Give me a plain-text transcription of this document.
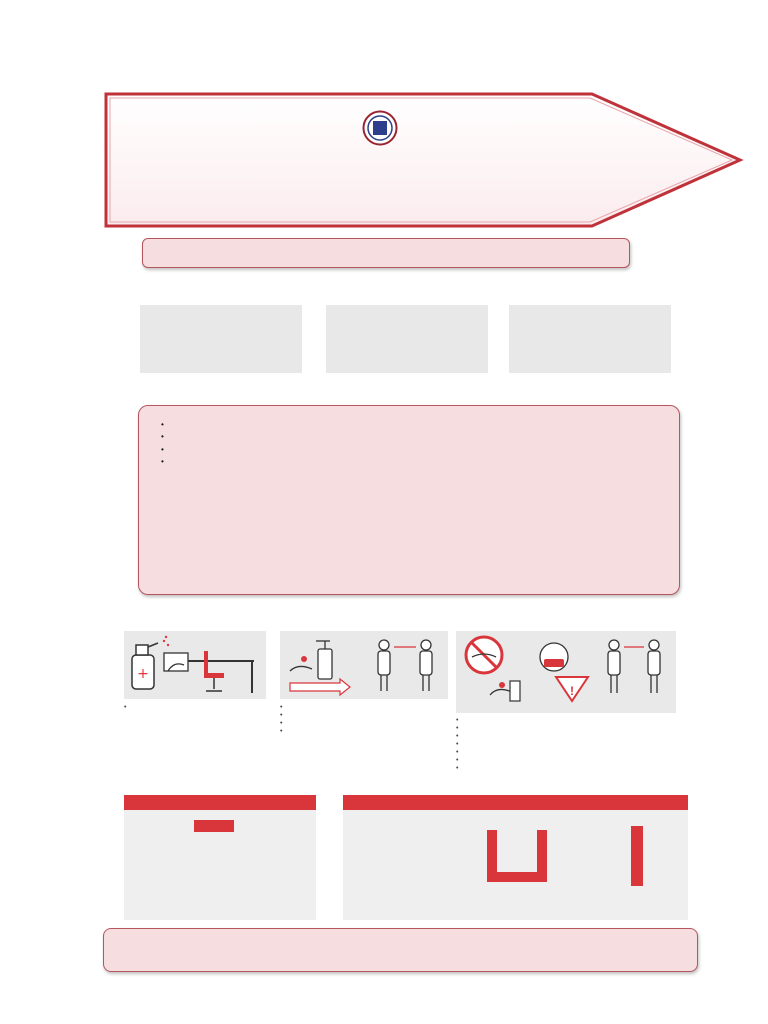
•

•

•

•

+
•
•
•
•
•
!
•
•
•
•
•
•
•
